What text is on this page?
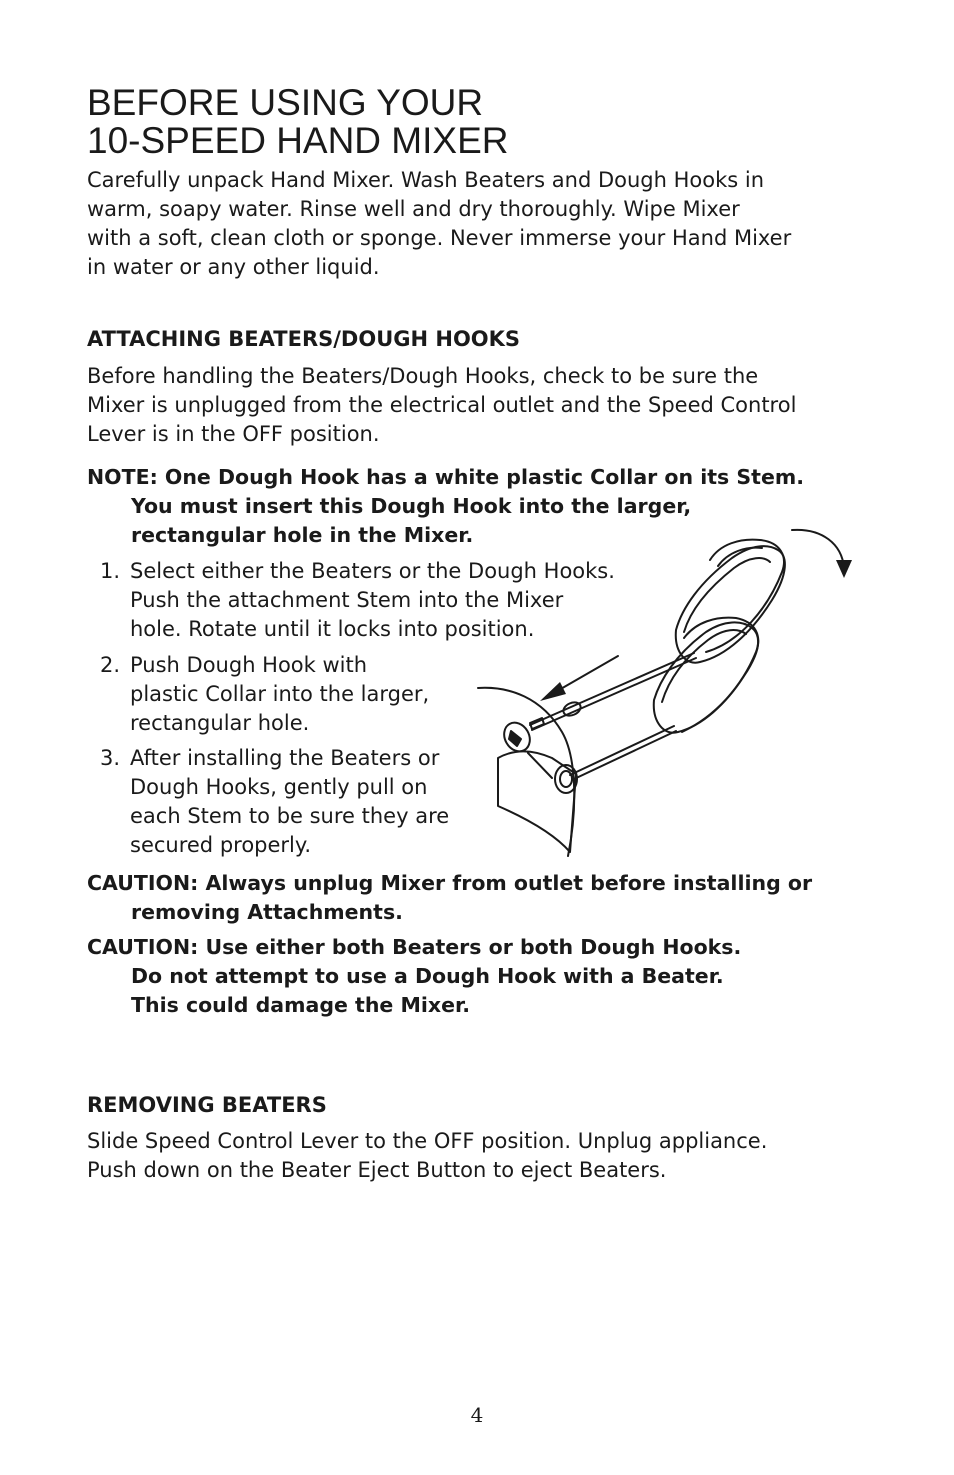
BEFORE USING YOUR
10-SPEED HAND MIXER

Carefully unpack Hand Mixer. Wash Beaters and Dough Hooks in
warm, soapy water. Rinse well and dry thoroughly. Wipe Mixer
with a soft, clean cloth or sponge. Never immerse your Hand Mixer
in water or any other liquid.

ATTACHING BEATERS/DOUGH HOOKS

Before handling the Beaters/Dough Hooks, check to be sure the
Mixer is unplugged from the electrical outlet and the Speed Control
Lever is in the OFF position.

NOTE: One Dough Hook has a white plastic Collar on its Stem.
You must insert this Dough Hook into the larger,
rectangular hole in the Mixer.
1. Select either the Beaters or the Dough Hooks.
Push the attachment Stem into the Mixer
hole. Rotate until it locks into position.
2. Push Dough Hook with
plastic Collar into the larger,
rectangular hole.
3. After installing the Beaters or
Dough Hooks, gently pull on
each Stem to be sure they are
secured properly.
CAUTION: Always unplug Mixer from outlet before installing or
removing Attachments.
CAUTION: Use either both Beaters or both Dough Hooks.
Do not attempt to use a Dough Hook with a Beater.
This could damage the Mixer.
REMOVING BEATERS

Slide Speed Control Lever to the OFF position. Unplug appliance.
Push down on the Beater Eject Button to eject Beaters.

4
